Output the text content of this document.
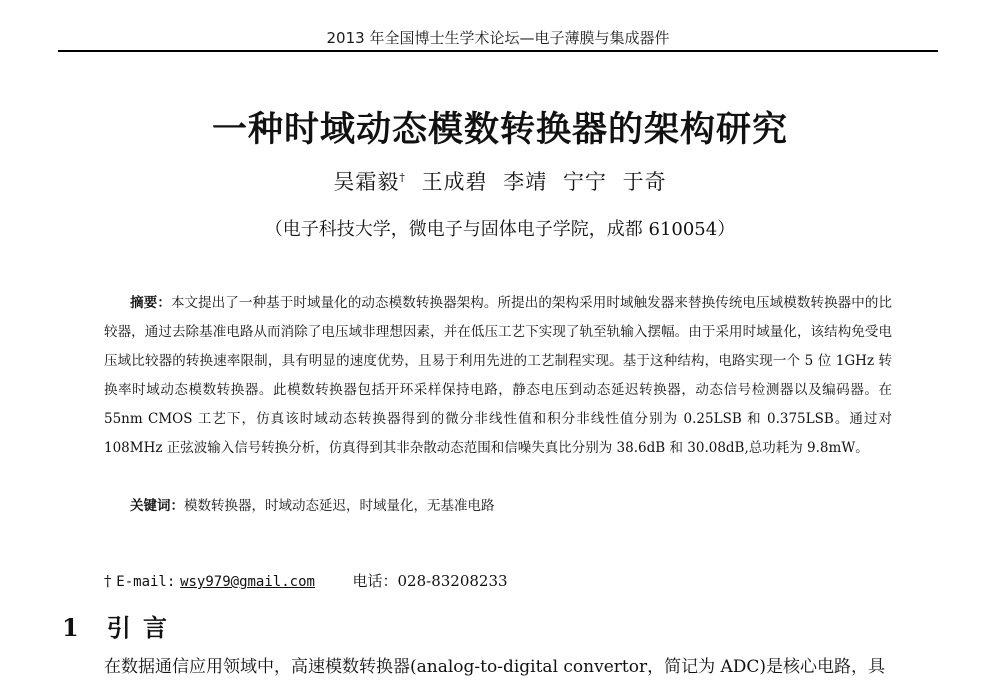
2013 年全国博士生学术论坛—电子薄膜与集成器件
一种时域动态模数转换器的架构研究
吴霜毅† 王成碧 李靖 宁宁 于奇
（电子科技大学，微电子与固体电子学院，成都 610054）
摘要：本文提出了一种基于时域量化的动态模数转换器架构。所提出的架构采用时域触发器来替换传统电压域模数转换器中的比较器，通过去除基准电路从而消除了电压域非理想因素，并在低压工艺下实现了轨至轨输入摆幅。由于采用时域量化，该结构免受电压域比较器的转换速率限制，具有明显的速度优势，且易于利用先进的工艺制程实现。基于这种结构，电路实现一个 5 位 1GHz 转换率时域动态模数转换器。此模数转换器包括开环采样保持电路，静态电压到动态延迟转换器，动态信号检测器以及编码器。在 55nm CMOS 工艺下，仿真该时域动态转换器得到的微分非线性值和积分非线性值分别为 0.25LSB 和 0.375LSB。通过对 108MHz 正弦波输入信号转换分析，仿真得到其非杂散动态范围和信噪失真比分别为 38.6dB 和 30.08dB,总功耗为 9.8mW。
关键词：模数转换器，时域动态延迟，时域量化，无基准电路
† E-mail: wsy979@gmail.com	电话：028-83208233
1 引 言
在数据通信应用领域中，高速模数转换器(analog-to-digital convertor，简记为 ADC)是核心电路，具
